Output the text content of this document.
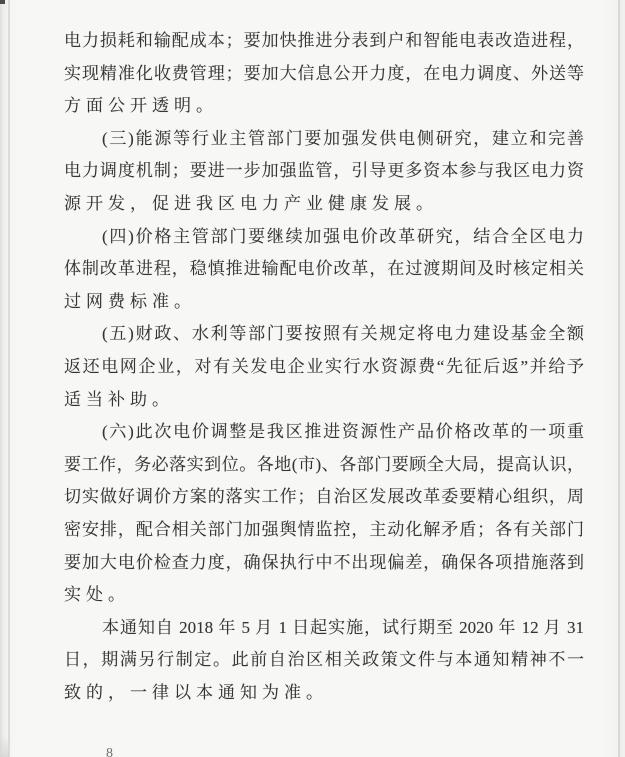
电力损耗和输配成本；要加快推进分表到户和智能电表改造进程，
实现精准化收费管理；要加大信息公开力度，在电力调度、外送等
方面公开透明。
(三)能源等行业主管部门要加强发供电侧研究，建立和完善
电力调度机制；要进一步加强监管，引导更多资本参与我区电力资
源开发，促进我区电力产业健康发展。
(四)价格主管部门要继续加强电价改革研究，结合全区电力
体制改革进程，稳慎推进输配电价改革，在过渡期间及时核定相关
过网费标准。
(五)财政、水利等部门要按照有关规定将电力建设基金全额
返还电网企业，对有关发电企业实行水资源费“先征后返”并给予
适当补助。
(六)此次电价调整是我区推进资源性产品价格改革的一项重
要工作，务必落实到位。各地(市)、各部门要顾全大局，提高认识，
切实做好调价方案的落实工作；自治区发展改革委要精心组织，周
密安排，配合相关部门加强舆情监控，主动化解矛盾；各有关部门
要加大电价检查力度，确保执行中不出现偏差，确保各项措施落到
实处。
本通知自 2018 年 5 月 1 日起实施，试行期至 2020 年 12 月 31
日，期满另行制定。此前自治区相关政策文件与本通知精神不一
致的，一律以本通知为准。
8
